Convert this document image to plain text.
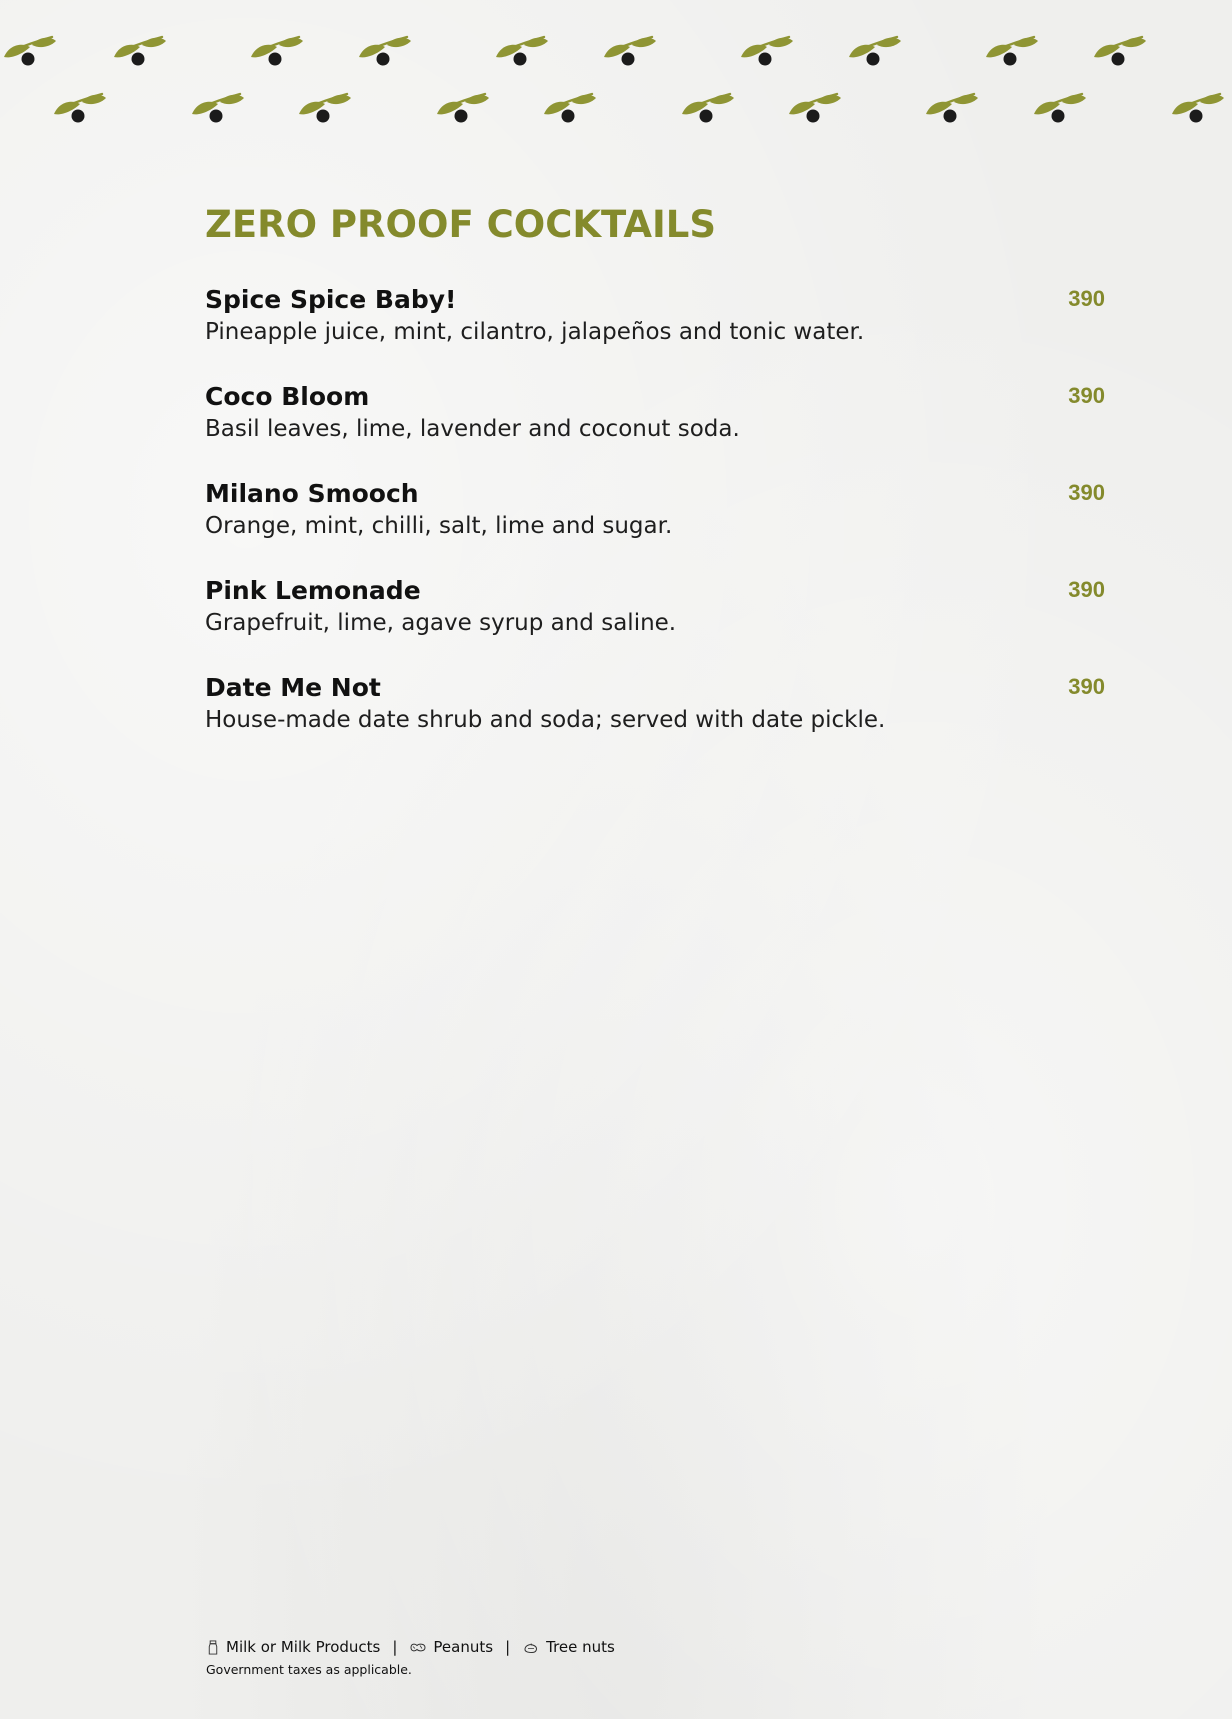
ZERO PROOF COCKTAILS
Spice Spice Baby!
Pineapple juice, mint, cilantro, jalapeños and tonic water.
390
Coco Bloom
Basil leaves, lime, lavender and coconut soda.
390
Milano Smooch
Orange, mint, chilli, salt, lime and sugar.
390
Pink Lemonade
Grapefruit, lime, agave syrup and saline.
390
Date Me Not
House-made date shrub and soda; served with date pickle.
390
Milk or Milk Products | Peanuts | Tree nuts
Government taxes as applicable.
